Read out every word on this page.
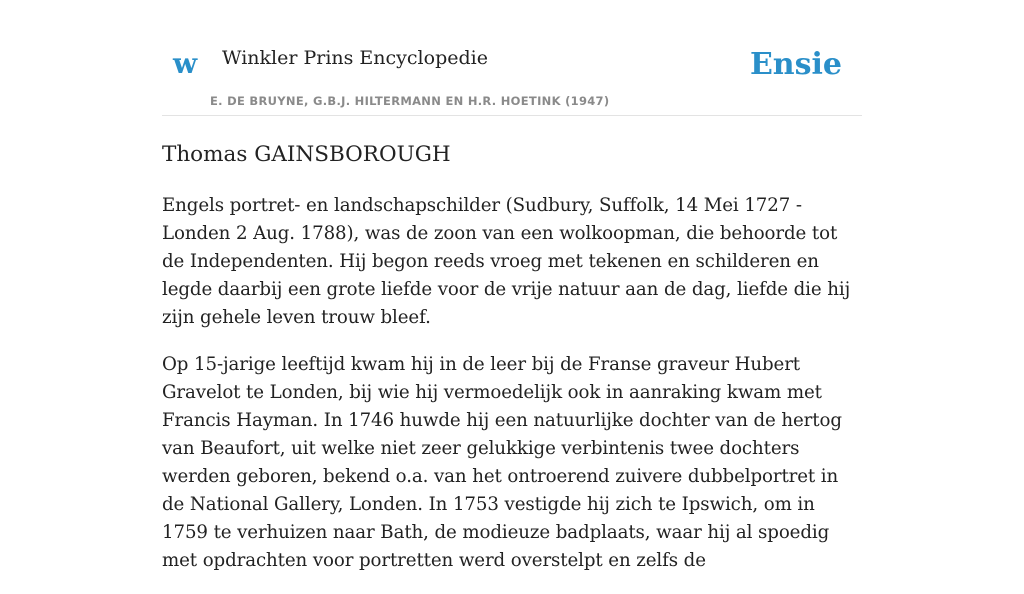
w Winkler Prins Encyclopedie
E. DE BRUYNE, G.B.J. HILTERMANN EN H.R. HOETINK (1947)
Ensie
Thomas GAINSBOROUGH

Engels portret- en landschapschilder (Sudbury, Suffolk, 14 Mei 1727 - Londen 2 Aug. 1788), was de zoon van een wolkoopman, die behoorde tot de Independenten. Hij begon reeds vroeg met tekenen en schilderen en legde daarbij een grote liefde voor de vrije natuur aan de dag, liefde die hij zijn gehele leven trouw bleef.

Op 15-jarige leeftijd kwam hij in de leer bij de Franse graveur Hubert Gravelot te Londen, bij wie hij vermoedelijk ook in aanraking kwam met Francis Hayman. In 1746 huwde hij een natuurlijke dochter van de hertog van Beaufort, uit welke niet zeer gelukkige verbintenis twee dochters werden geboren, bekend o.a. van het ontroerend zuivere dubbelportret in de National Gallery, Londen. In 1753 vestigde hij zich te Ipswich, om in 1759 te verhuizen naar Bath, de modieuze badplaats, waar hij al spoedig met opdrachten voor portretten werd overstelpt en zelfs de
